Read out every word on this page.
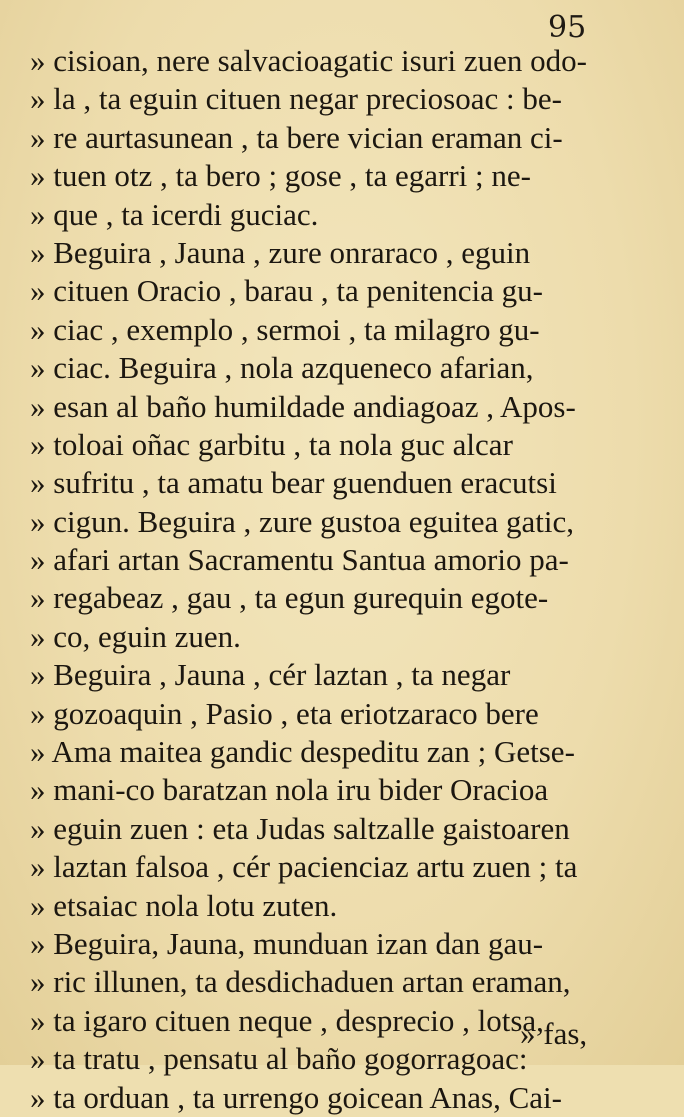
95
» cisioan, nere salvacioagatic isuri zuen odo-
» la , ta eguin cituen negar preciosoac : be-
» re aurtasunean , ta bere vician eraman ci-
» tuen otz , ta bero ; gose , ta egarri ; ne-
» que , ta icerdi guciac.
» Beguira , Jauna , zure onraraco , eguin
» cituen Oracio , barau , ta penitencia gu-
» ciac , exemplo , sermoi , ta milagro gu-
» ciac. Beguira , nola azqueneco afarian,
» esan al baño humildade andiagoaz , Apos-
» toloai oñac garbitu , ta nola guc alcar
» sufritu , ta amatu bear guenduen eracutsi
» cigun. Beguira , zure gustoa eguitea gatic,
» afari artan Sacramentu Santua amorio pa-
» regabeaz , gau , ta egun gurequin egote-
» co, eguin zuen.
» Beguira , Jauna , cér laztan , ta negar
» gozoaquin , Pasio , eta eriotzaraco bere
» Ama maitea gandic despeditu zan ; Getse-
» mani-co baratzan nola iru bider Oracioa
» eguin zuen : eta Judas saltzalle gaistoaren
» laztan falsoa , cér pacienciaz artu zuen ; ta
» etsaiac nola lotu zuten.
» Beguira, Jauna, munduan izan dan gau-
» ric illunen, ta desdichaduen artan eraman,
» ta igaro cituen neque , desprecio , lotsa,
» ta tratu , pensatu al baño gogorragoac:
» ta orduan , ta urrengo goicean Anas, Cai-
» fas,
